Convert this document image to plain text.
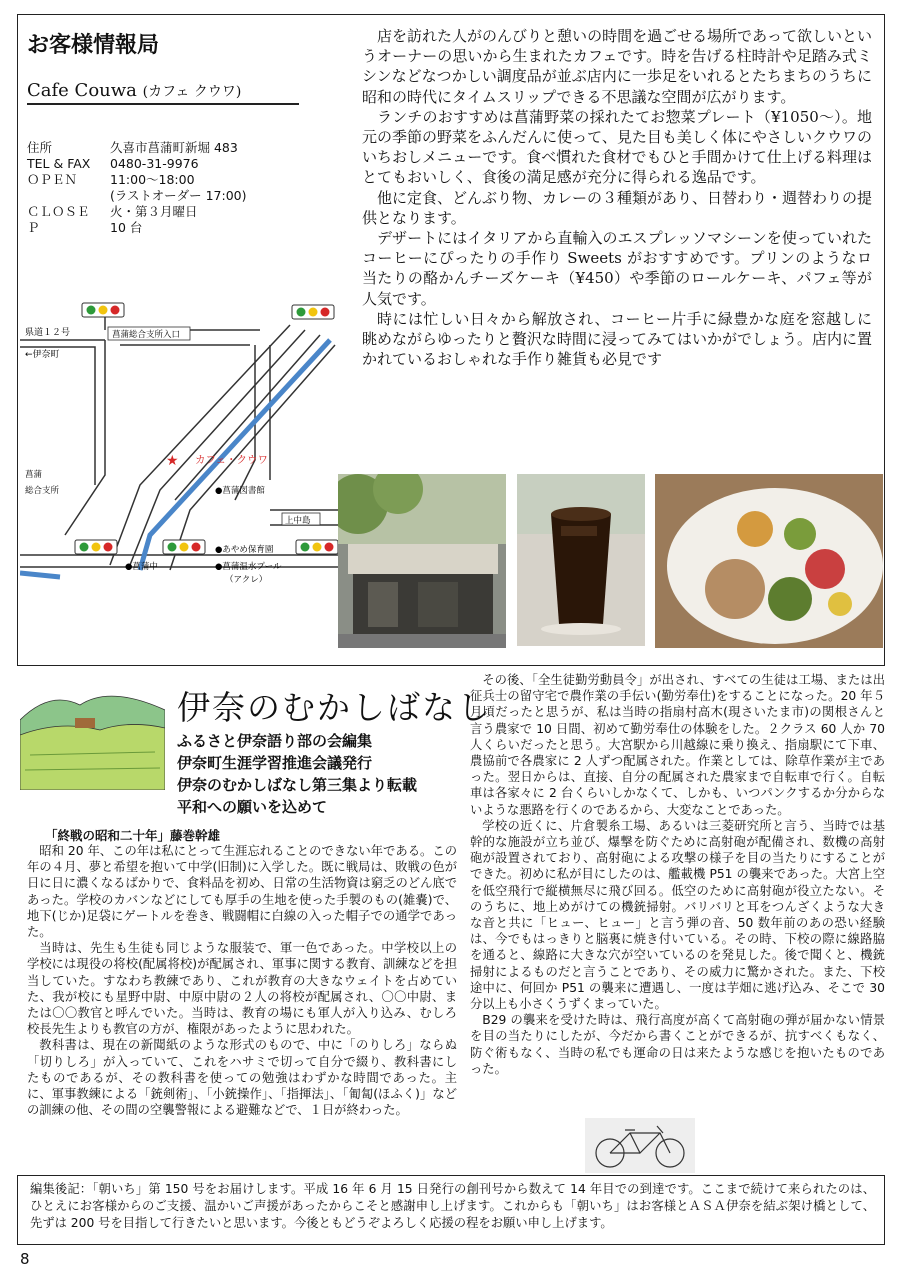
お客様情報局
Cafe Couwa (カフェ クウワ)
住所	久喜市菖蒲町新堀 483
TEL & FAX	0480-31-9976
ＯＰＥＮ	11:00～18:00
(ラストオーダー 17:00)
ＣＬＯＳＥ	火・第３月曜日
Ｐ	10 台

店を訪れた人がのんびりと憩いの時間を過ごせる場所であって欲しいというオーナーの思いから生まれたカフェです。時を告げる柱時計や足踏み式ミシンなどなつかしい調度品が並ぶ店内に一歩足をいれるとたちまちのうちに昭和の時代にタイムスリップできる不思議な空間が広がります。

ランチのおすすめは菖蒲野菜の採れたてお惣菜プレート（¥1050～）。地元の季節の野菜をふんだんに使って、見た目も美しく体にやさしいクウワのいちおしメニューです。食べ慣れた食材でもひと手間かけて仕上げる料理はとてもおいしく、食後の満足感が充分に得られる逸品です。

他に定食、どんぶり物、カレーの３種類があり、日替わり・週替わりの提供となります。

デザートにはイタリアから直輸入のエスプレッソマシーンを使っていれたコーヒーにぴったりの手作り Sweets がおすすめです。プリンのようなロ当たりの酪かんチーズケーキ（¥450）や季節のロールケーキ、パフェ等が人気です。

時には忙しい日々から解放され、コーヒー片手に緑豊かな庭を窓越しに眺めながらゆったりと贅沢な時間に浸ってみてはいかがでしょう。店内に置かれているおしゃれな手作り雑貨も必見です

県道１２号
←伊奈町
菖蒲総合支所入口
★ カフェ・クウワ
菖蒲
総合支所	●菖蒲図書館
上中島
●あやめ保育園
●菖蒲中	●菖蒲温水プール
（アクレ）
伊奈のむかしばなし
ふるさと伊奈語り部の会編集
伊奈町生涯学習推進会議発行
伊奈のむかしばなし第三集より転載
平和への願いを込めて
「終戦の昭和二十年」藤巻幹雄

昭和 20 年、この年は私にとって生涯忘れることのできない年である。この年の４月、夢と希望を抱いて中学(旧制)に入学した。既に戦局は、敗戦の色が日に日に濃くなるばかりで、食料品を初め、日常の生活物資は窮乏のどん底であった。学校のカバンなどにしても厚手の生地を使った手製のもの(雑嚢)で、地下(じか)足袋にゲートルを巻き、戦闘帽に白線の入った帽子での通学であった。

当時は、先生も生徒も同じような服装で、軍一色であった。中学校以上の学校には現役の将校(配属将校)が配属され、軍事に関する教育、訓練などを担当していた。すなわち教練であり、これが教育の大きなウェイトを占めていた、我が校にも星野中尉、中原中尉の２人の将校が配属され、〇〇中尉、または〇〇教官と呼んでいた。当時は、教育の場にも軍人が入り込み、むしろ校長先生よりも教官の方が、権限があったように思われた。

教科書は、現在の新聞紙のような形式のもので、中に「のりしろ」ならぬ「切りしろ」が入っていて、これをハサミで切って自分で綴り、教科書にしたものであるが、その教科書を使っての勉強はわずかな時間であった。主に、軍事教練による「銃剣術」、「小銃操作」、「指揮法」、「匍匐(ほふく)」などの訓練の他、その間の空襲警報による避難などで、１日が終わった。

その後、「全生徒勤労動員令」が出され、すべての生徒は工場、または出征兵士の留守宅で農作業の手伝い(勤労奉仕)をすることになった。20 年５月頃だったと思うが、私は当時の指扇村高木(現さいたま市)の関根さんと言う農家で 10 日間、初めて勤労奉仕の体験をした。２クラス 60 人か 70 人くらいだったと思う。大宮駅から川越線に乗り換え、指扇駅にて下車、農協前で各農家に 2 人ずつ配属された。作業としては、除草作業が主であった。翌日からは、直接、自分の配属された農家まで自転車で行く。自転車は各家々に 2 台くらいしかなくて、しかも、いつパンクするか分からないような悪路を行くのであるから、大変なことであった。

学校の近くに、片倉製糸工場、あるいは三菱研究所と言う、当時では基幹的な施設が立ち並び、爆撃を防ぐために高射砲が配備され、数機の高射砲が設置されており、高射砲による攻撃の様子を目の当たりにすることができた。初めに私が目にしたのは、艦載機 P51 の襲来であった。大宮上空を低空飛行で縦横無尽に飛び回る。低空のために高射砲が役立たない。そのうちに、地上めがけての機銃掃射。バリバリと耳をつんざくような大きな音と共に「ヒュー、ヒュー」と言う弾の音、50 数年前のあの恐い経験は、今でもはっきりと脳裏に焼き付いている。その時、下校の際に線路脇を通ると、線路に大きな穴が空いているのを発見した。後で聞くと、機銃掃射によるものだと言うことであり、その威力に驚かされた。また、下校途中に、何回か P51 の襲来に遭遇し、一度は芋畑に逃げ込み、そこで 30 分以上も小さくうずくまっていた。

B29 の襲来を受けた時は、飛行高度が高くて高射砲の弾が届かない情景を目の当たりにしたが、今だから書くことができるが、抗すべくもなく、防ぐ術もなく、当時の私でも運命の日は来たような感じを抱いたものであった。

編集後記：「朝いち」第 150 号をお届けします。平成 16 年 6 月 15 日発行の創刊号から数えて 14 年目での到達です。ここまで続けて来られたのは、ひとえにお客様からのご支援、温かいご声援があったからこそと感謝申し上げます。これからも「朝いち」はお客様とＡＳＡ伊奈を結ぶ架け橋として、先ずは 200 号を目指して行きたいと思います。今後ともどうぞよろしく応援の程をお願い申し上げます。
8
